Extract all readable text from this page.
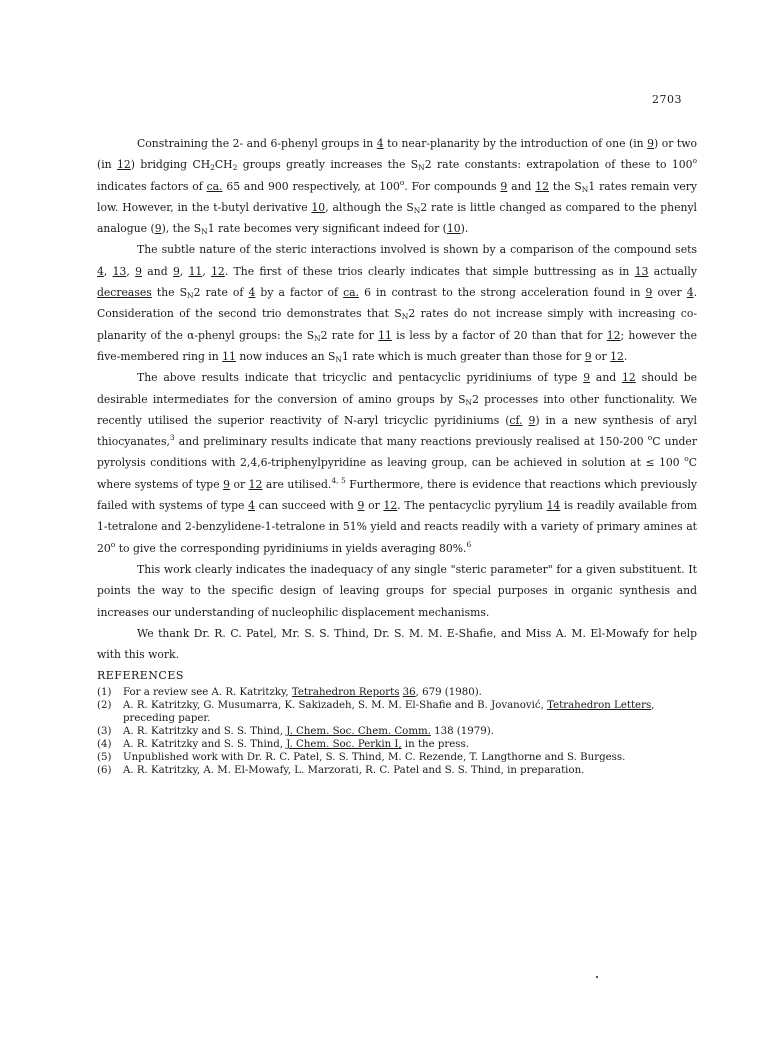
2703

Constraining the 2- and 6-phenyl groups in 4 to near-planarity by the introduction of one (in 9) or two (in 12) bridging $CH_2CH_2$ groups greatly increases the $S_N2$ rate constants: extrapolation of these to 100$^o$ indicates factors of ca. 65 and 900 respectively, at 100$^o$. For compounds 9 and 12 the $S_N1$ rates remain very low. However, in the t-butyl derivative 10, although the $S_N2$ rate is little changed as compared to the phenyl analogue (9), the $S_N1$ rate becomes very significant indeed for (10).

The subtle nature of the steric interactions involved is shown by a comparison of the compound sets 4, 13, 9 and 9, 11, 12. The first of these trios clearly indicates that simple buttressing as in 13 actually decreases the $S_N2$ rate of 4 by a factor of ca. 6 in contrast to the strong acceleration found in 9 over 4. Consideration of the second trio demonstrates that $S_N2$ rates do not increase simply with increasing co-planarity of the α-phenyl groups: the $S_N2$ rate for 11 is less by a factor of 20 than that for 12; however the five-membered ring in 11 now induces an $S_N1$ rate which is much greater than those for 9 or 12.

The above results indicate that tricyclic and pentacyclic pyridiniums of type 9 and 12 should be desirable intermediates for the conversion of amino groups by $S_N2$ processes into other functionality. We recently utilised the superior reactivity of N-aryl tricyclic pyridiniums (cf. 9) in a new synthesis of aryl thiocyanates,$^3$ and preliminary results indicate that many reactions previously realised at 150-200 $^o$C under pyrolysis conditions with 2,4,6-triphenylpyridine as leaving group, can be achieved in solution at ≤ 100 $^o$C where systems of type 9 or 12 are utilised.$^{4, 5}$ Furthermore, there is evidence that reactions which previously failed with systems of type 4 can succeed with 9 or 12. The pentacyclic pyrylium 14 is readily available from 1-tetralone and 2-benzylidene-1-tetralone in 51% yield and reacts readily with a variety of primary amines at 20$^o$ to give the corresponding pyridiniums in yields averaging 80%.$^6$

This work clearly indicates the inadequacy of any single "steric parameter" for a given substituent. It points the way to the specific design of leaving groups for special purposes in organic synthesis and increases our understanding of nucleophilic displacement mechanisms.

We thank Dr. R. C. Patel, Mr. S. S. Thind, Dr. S. M. M. E-Shafie, and Miss A. M. El-Mowafy for help with this work.

REFERENCES

(1)	For a review see A. R. Katritzky, Tetrahedron Reports 36, 679 (1980).
(2)	A. R. Katritzky, G. Musumarra, K. Sakizadeh, S. M. M. El-Shafie and B. Jovanović, Tetrahedron Letters, preceding paper.
(3)	A. R. Katritzky and S. S. Thind, J. Chem. Soc. Chem. Comm. 138 (1979).
(4)	A. R. Katritzky and S. S. Thind, J. Chem. Soc. Perkin I, in the press.
(5)	Unpublished work with Dr. R. C. Patel, S. S. Thind, M. C. Rezende, T. Langthorne and S. Burgess.
(6)	A. R. Katritzky, A. M. El-Mowafy, L. Marzorati, R. C. Patel and S. S. Thind, in preparation.
